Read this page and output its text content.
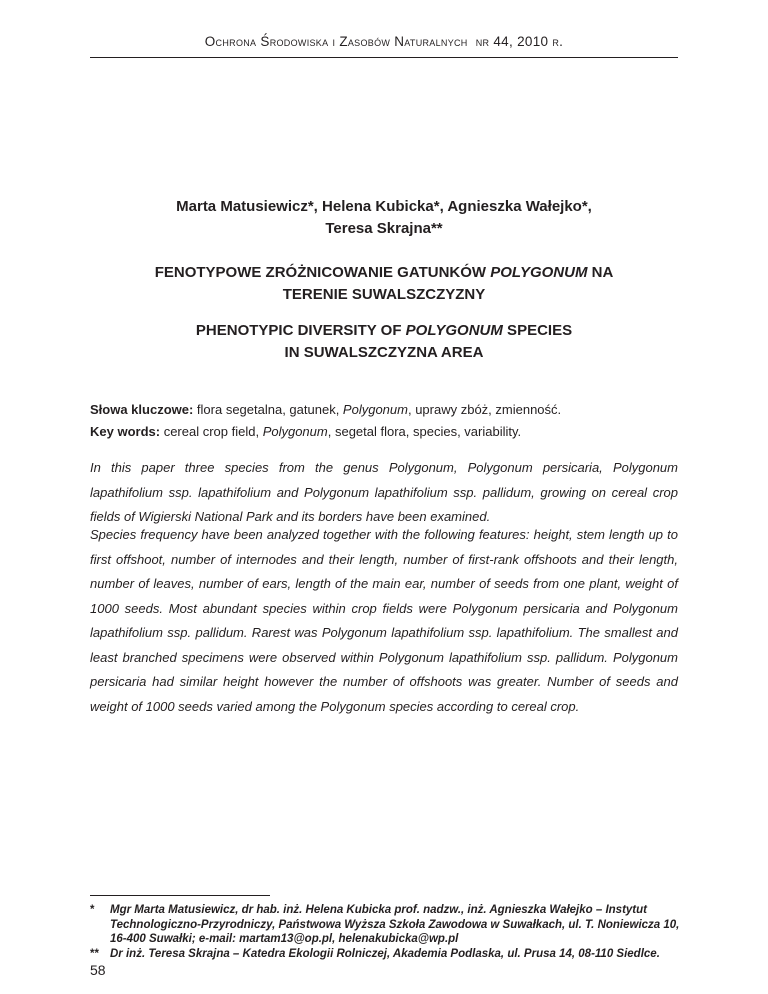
Ochrona Środowiska i Zasobów Naturalnych nr 44, 2010 r.
Marta Matusiewicz*, Helena Kubicka*, Agnieszka Wałejko*,
Teresa Skrajna**
FENOTYPOWE ZRÓŻNICOWANIE GATUNKÓW POLYGONUM NA
TERENIE SUWALSZCZYZNY
PHENOTYPIC DIVERSITY OF POLYGONUM SPECIES
IN SUWALSZCZYZNA AREA
Słowa kluczowe: flora segetalna, gatunek, Polygonum, uprawy zbóż, zmienność.
Key words: cereal crop field, Polygonum, segetal flora, species, variability.

In this paper three species from the genus Polygonum, Polygonum persicaria, Polygonum lapathifolium ssp. lapathifolium and Polygonum lapathifolium ssp. pallidum, growing on cereal crop fields of Wigierski National Park and its borders have been examined.

Species frequency have been analyzed together with the following features: height, stem length up to first offshoot, number of internodes and their length, number of first-rank offshoots and their length, number of leaves, number of ears, length of the main ear, number of seeds from one plant, weight of 1000 seeds. Most abundant species within crop fields were Polygonum persicaria and Polygonum lapathifolium ssp. pallidum. Rarest was Polygonum lapathifolium ssp. lapathifolium. The smallest and least branched specimens were observed within Polygonum lapathifolium ssp. pallidum. Polygonum persicaria had similar height however the number of offshoots was greater. Number of seeds and weight of 1000 seeds varied among the Polygonum species according to cereal crop.

*	Mgr Marta Matusiewicz, dr hab. inż. Helena Kubicka prof. nadzw., inż. Agnieszka Wałejko – Instytut Technologiczno-Przyrodniczy, Państwowa Wyższa Szkoła Zawodowa w Suwałkach, ul. T. Noniewicza 10, 16-400 Suwałki; e-mail: martam13@op.pl, helenakubicka@wp.pl
** Dr inż. Teresa Skrajna – Katedra Ekologii Rolniczej, Akademia Podlaska, ul. Prusa 14, 08-110 Siedlce.
58
